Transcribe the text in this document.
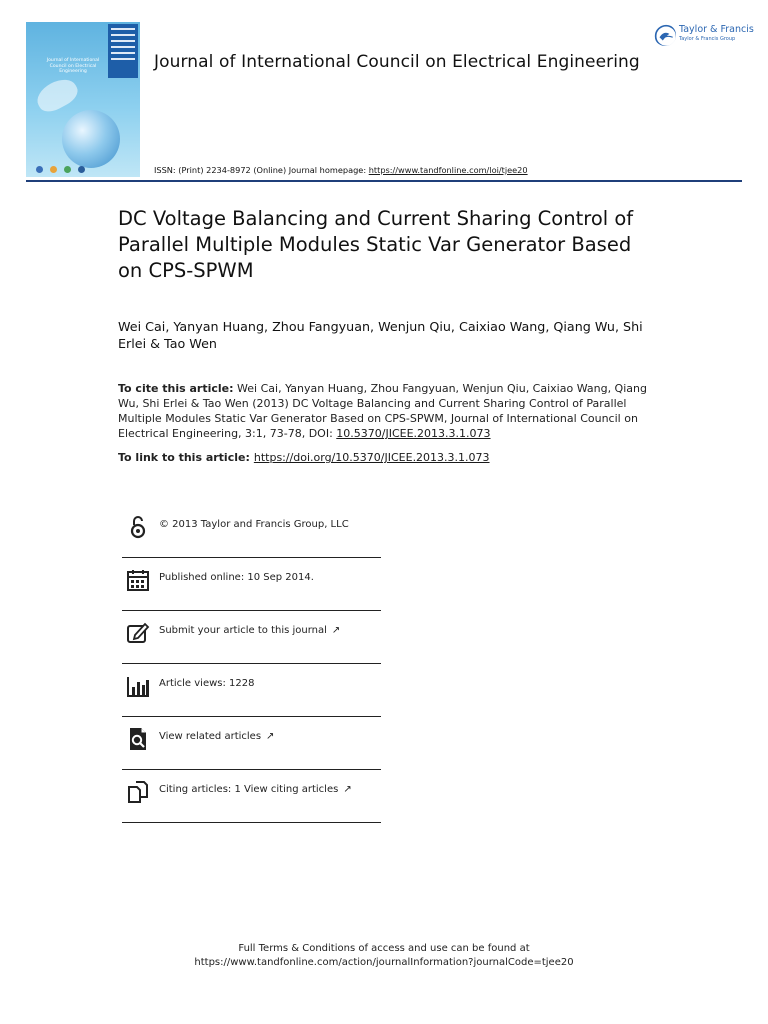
Journal of International Council on Electrical Engineering	Journal of International Council on Electrical Engineering
Taylor & Francis
Taylor & Francis Group
ISSN: (Print) 2234-8972 (Online) Journal homepage: https://www.tandfonline.com/loi/tjee20
DC Voltage Balancing and Current Sharing Control of Parallel Multiple Modules Static Var Generator Based on CPS-SPWM
Wei Cai, Yanyan Huang, Zhou Fangyuan, Wenjun Qiu, Caixiao Wang, Qiang Wu, Shi Erlei & Tao Wen
To cite this article: Wei Cai, Yanyan Huang, Zhou Fangyuan, Wenjun Qiu, Caixiao Wang, Qiang Wu, Shi Erlei & Tao Wen (2013) DC Voltage Balancing and Current Sharing Control of Parallel Multiple Modules Static Var Generator Based on CPS-SPWM, Journal of International Council on Electrical Engineering, 3:1, 73-78, DOI: 10.5370/JICEE.2013.3.1.073
To link to this article: https://doi.org/10.5370/JICEE.2013.3.1.073
© 2013 Taylor and Francis Group, LLC
Published online: 10 Sep 2014.
Submit your article to this journal ↗
Article views: 1228
View related articles ↗
Citing articles: 1 View citing articles ↗
Full Terms & Conditions of access and use can be found at
https://www.tandfonline.com/action/journalInformation?journalCode=tjee20
